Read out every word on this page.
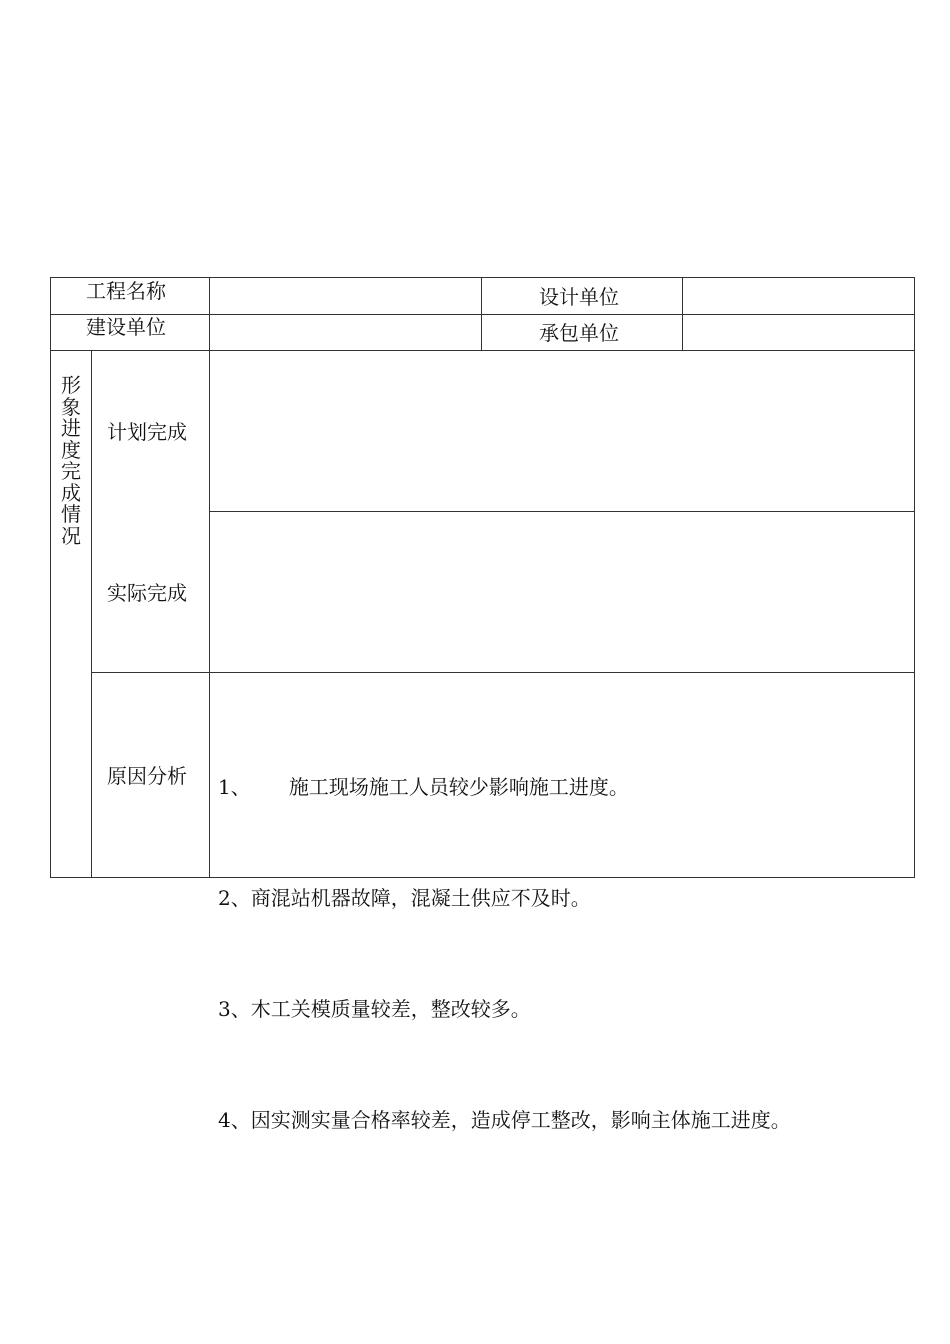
工程名称	设计单位
建设单位	承包单位
形
象
进
度
完
成
情
况
计划完成
实际完成
原因分析

1、      施工现场施工人员较少影响施工进度。

2、商混站机器故障，混凝土供应不及时。

3、木工关模质量较差，整改较多。

4、因实测实量合格率较差，造成停工整改，影响主体施工进度。
